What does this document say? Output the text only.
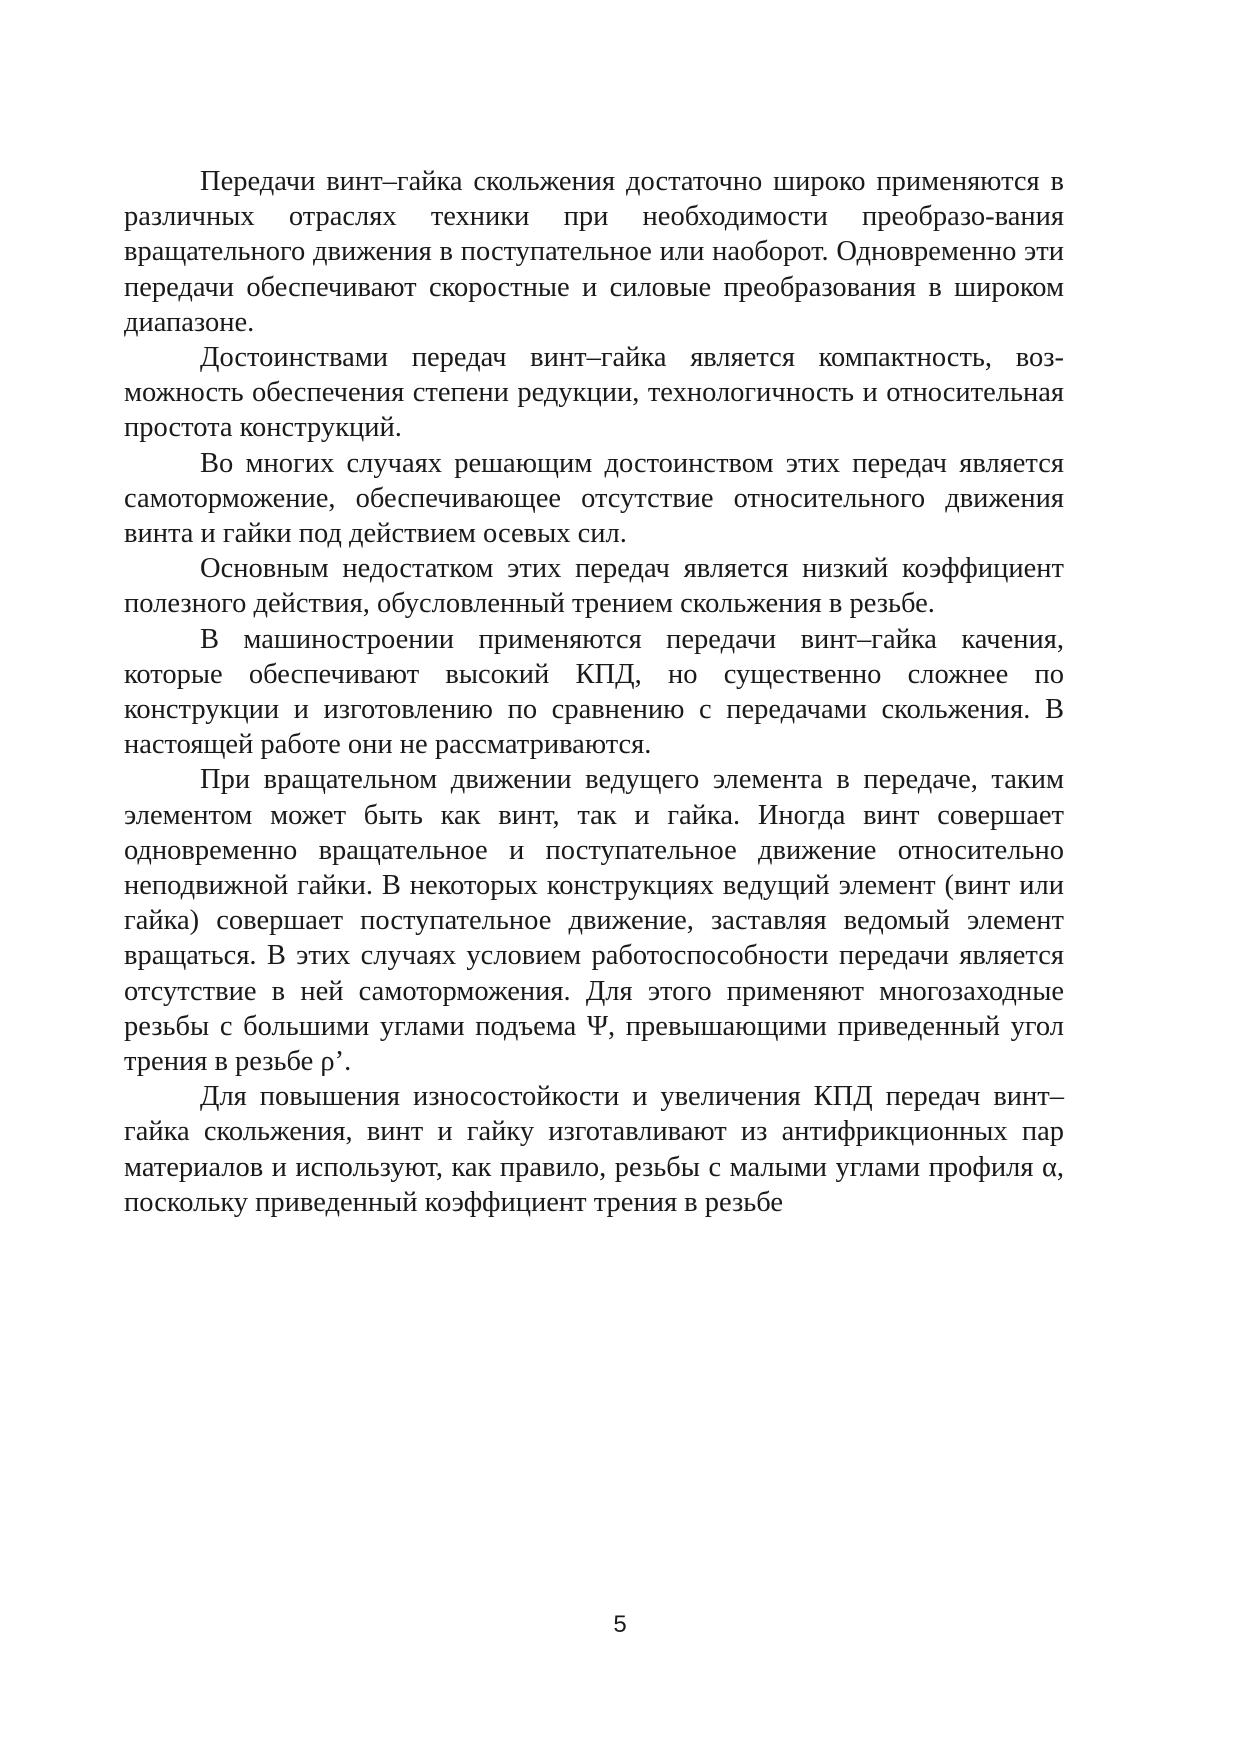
Передачи винт–гайка скольжения достаточно широко применяются в различных отраслях техники при необходимости преобразо-вания вращательного движения в поступательное или наоборот. Одновременно эти передачи обеспечивают скоростные и силовые преобразования в широком диапазоне.

Достоинствами передач винт–гайка является компактность, воз-можность обеспечения степени редукции, технологичность и относительная простота конструкций.

Во многих случаях решающим достоинством этих передач является самоторможение, обеспечивающее отсутствие относительного движения винта и гайки под действием осевых сил.

Основным недостатком этих передач является низкий коэффициент полезного действия, обусловленный трением скольжения в резьбе.

В машиностроении применяются передачи винт–гайка качения, которые обеспечивают высокий КПД, но существенно сложнее по конструкции и изготовлению по сравнению с передачами скольжения. В настоящей работе они не рассматриваются.

При вращательном движении ведущего элемента в передаче, таким элементом может быть как винт, так и гайка. Иногда винт совершает одновременно вращательное и поступательное движение относительно неподвижной гайки. В некоторых конструкциях ведущий элемент (винт или гайка) совершает поступательное движение, заставляя ведомый элемент вращаться. В этих случаях условием работоспособности передачи является отсутствие в ней самоторможения. Для этого применяют многозаходные резьбы с большими углами подъема Ψ, превышающими приведенный угол трения в резьбе ρ’.

Для повышения износостойкости и увеличения КПД передач винт–гайка скольжения, винт и гайку изготавливают из антифрикционных пар материалов и используют, как правило, резьбы с малыми углами профиля α, поскольку приведенный коэффициент трения в резьбе

5
